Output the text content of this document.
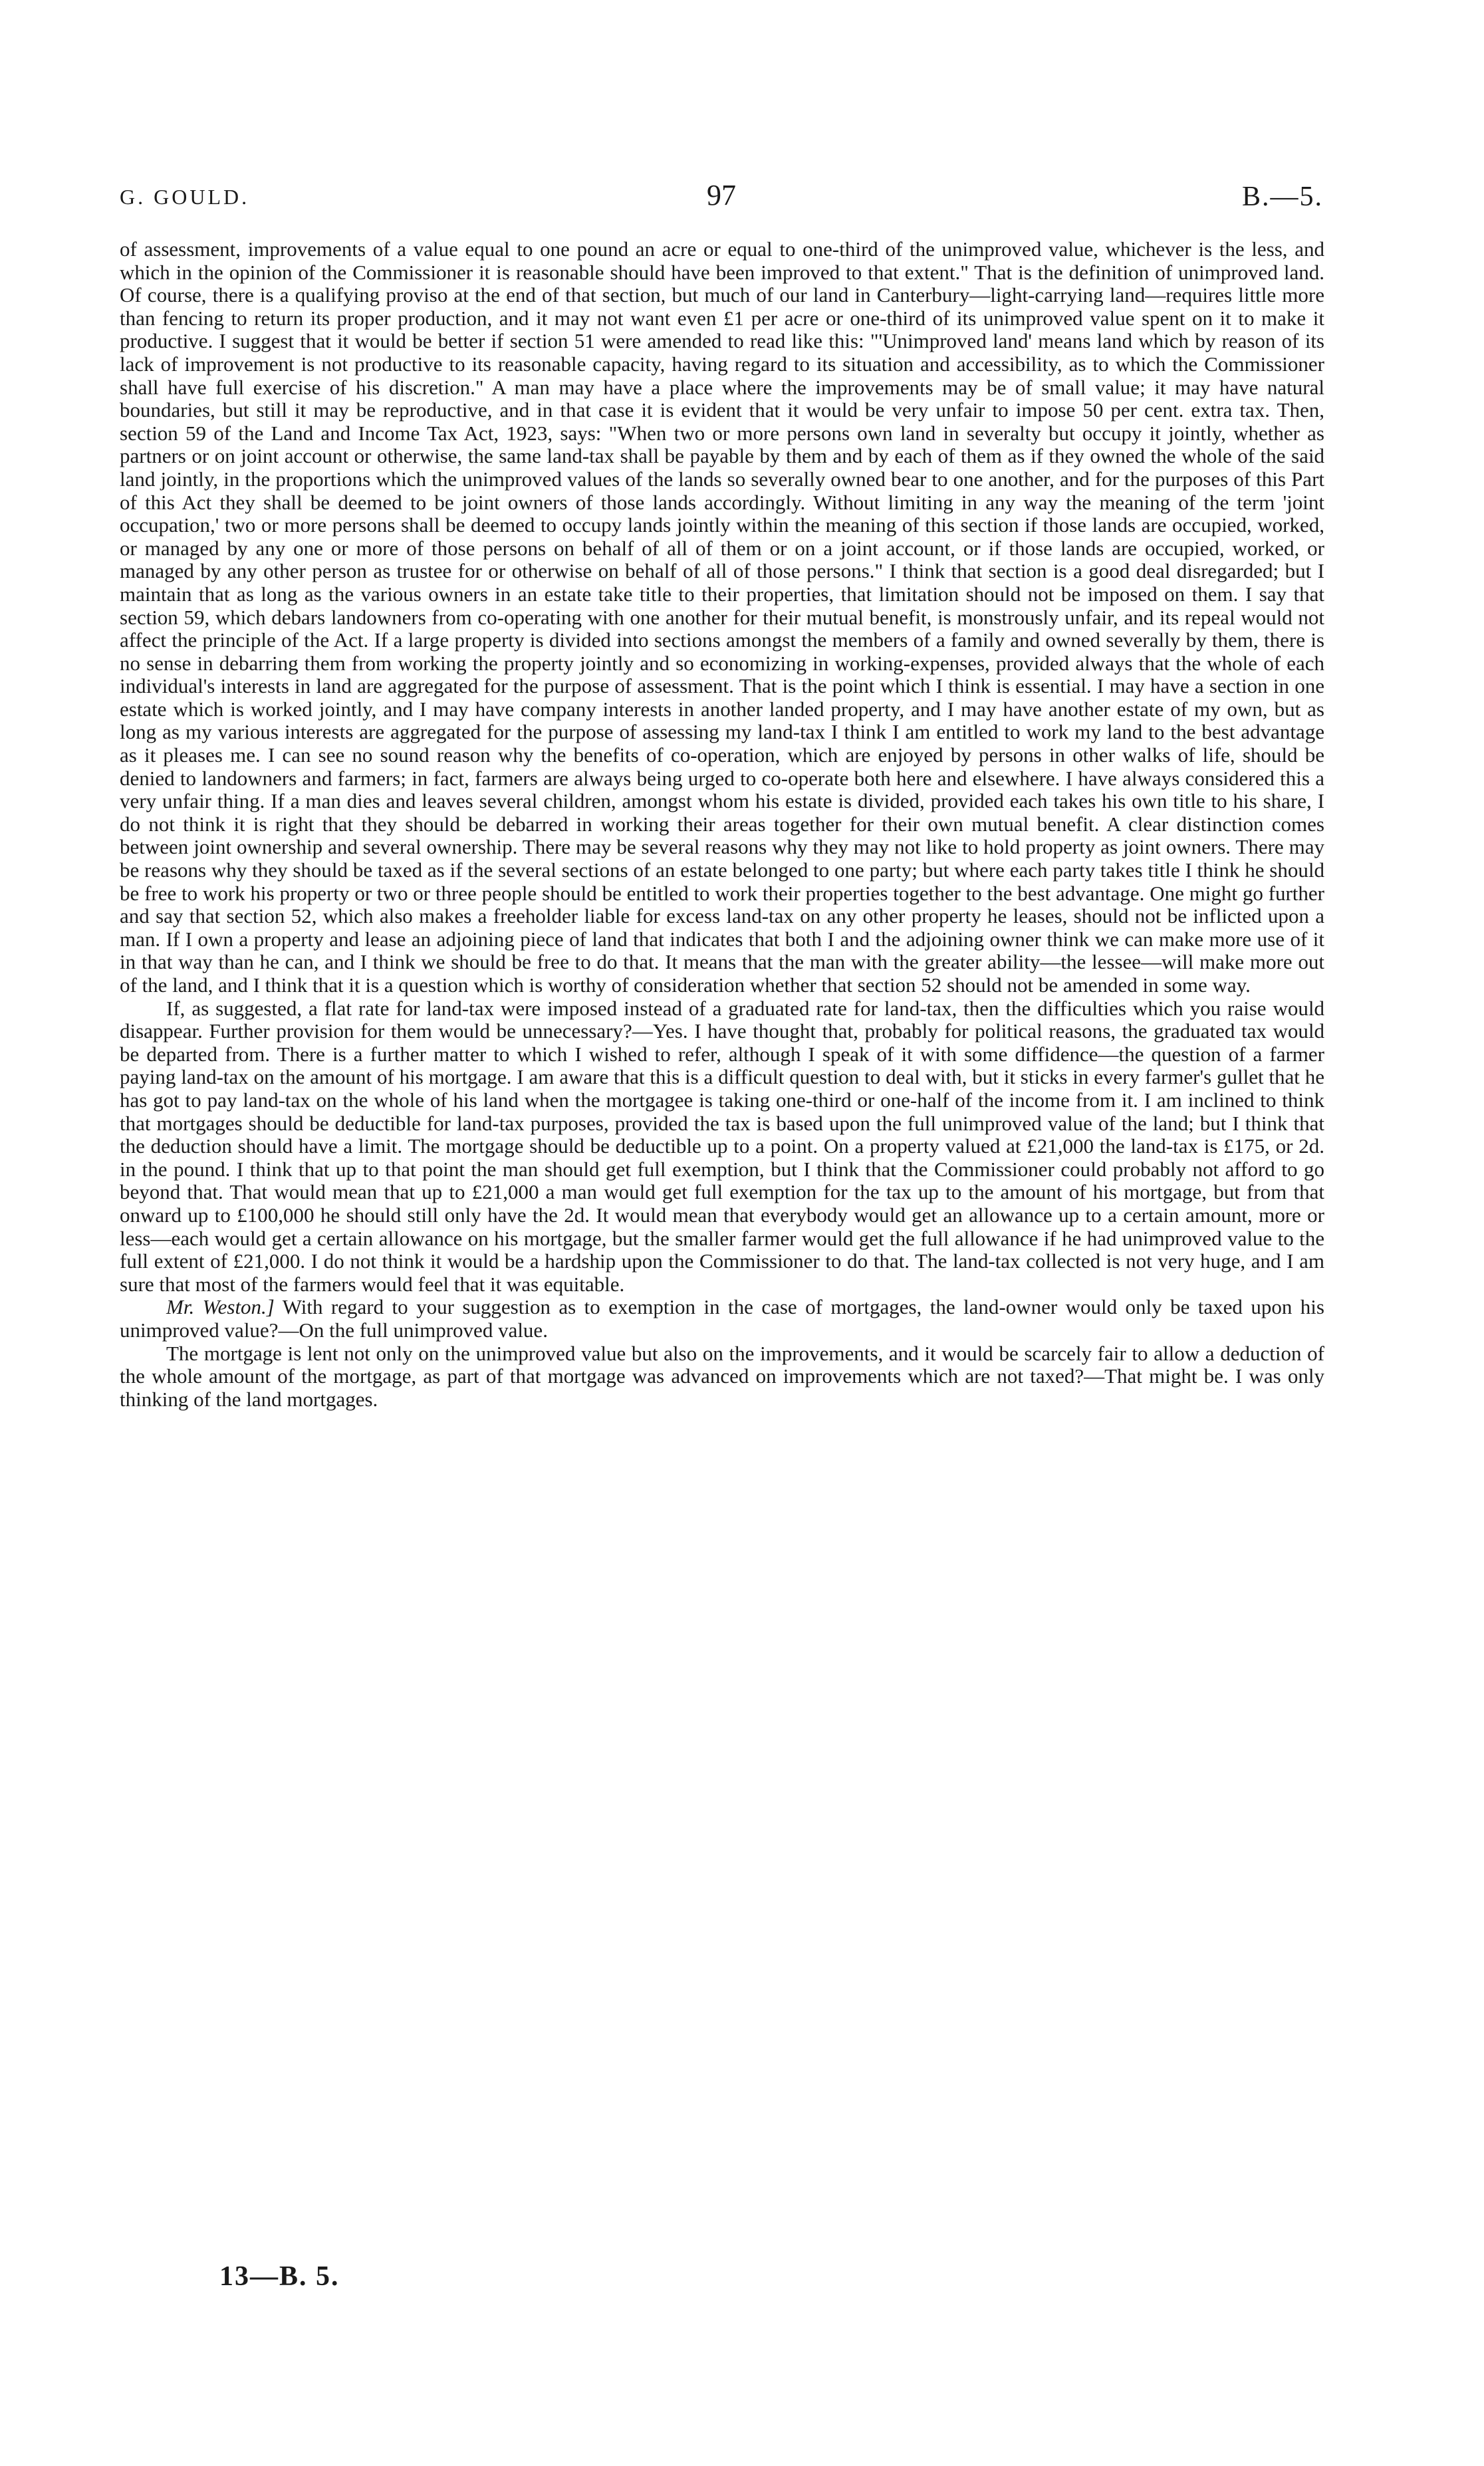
G. GOULD.	97	B.—5.

of assessment, improvements of a value equal to one pound an acre or equal to one-third of the unimproved value, whichever is the less, and which in the opinion of the Commissioner it is reasonable should have been improved to that extent." That is the definition of unimproved land. Of course, there is a qualifying proviso at the end of that section, but much of our land in Canterbury—light-carrying land—requires little more than fencing to return its proper production, and it may not want even £1 per acre or one-third of its unimproved value spent on it to make it productive. I suggest that it would be better if section 51 were amended to read like this: "'Unimproved land' means land which by reason of its lack of improvement is not productive to its reasonable capacity, having regard to its situation and accessibility, as to which the Commissioner shall have full exercise of his discretion." A man may have a place where the improvements may be of small value; it may have natural boundaries, but still it may be reproductive, and in that case it is evident that it would be very unfair to impose 50 per cent. extra tax. Then, section 59 of the Land and Income Tax Act, 1923, says: "When two or more persons own land in severalty but occupy it jointly, whether as partners or on joint account or otherwise, the same land-tax shall be payable by them and by each of them as if they owned the whole of the said land jointly, in the proportions which the unimproved values of the lands so severally owned bear to one another, and for the purposes of this Part of this Act they shall be deemed to be joint owners of those lands accordingly. Without limiting in any way the meaning of the term 'joint occupation,' two or more persons shall be deemed to occupy lands jointly within the meaning of this section if those lands are occupied, worked, or managed by any one or more of those persons on behalf of all of them or on a joint account, or if those lands are occupied, worked, or managed by any other person as trustee for or otherwise on behalf of all of those persons." I think that section is a good deal disregarded; but I maintain that as long as the various owners in an estate take title to their properties, that limitation should not be imposed on them. I say that section 59, which debars landowners from co-operating with one another for their mutual benefit, is monstrously unfair, and its repeal would not affect the principle of the Act. If a large property is divided into sections amongst the members of a family and owned severally by them, there is no sense in debarring them from working the property jointly and so economizing in working-expenses, provided always that the whole of each individual's interests in land are aggregated for the purpose of assessment. That is the point which I think is essential. I may have a section in one estate which is worked jointly, and I may have company interests in another landed property, and I may have another estate of my own, but as long as my various interests are aggregated for the purpose of assessing my land-tax I think I am entitled to work my land to the best advantage as it pleases me. I can see no sound reason why the benefits of co-operation, which are enjoyed by persons in other walks of life, should be denied to landowners and farmers; in fact, farmers are always being urged to co-operate both here and elsewhere. I have always considered this a very unfair thing. If a man dies and leaves several children, amongst whom his estate is divided, provided each takes his own title to his share, I do not think it is right that they should be debarred in working their areas together for their own mutual benefit. A clear distinction comes between joint ownership and several ownership. There may be several reasons why they may not like to hold property as joint owners. There may be reasons why they should be taxed as if the several sections of an estate belonged to one party; but where each party takes title I think he should be free to work his property or two or three people should be entitled to work their properties together to the best advantage. One might go further and say that section 52, which also makes a freeholder liable for excess land-tax on any other property he leases, should not be inflicted upon a man. If I own a property and lease an adjoining piece of land that indicates that both I and the adjoining owner think we can make more use of it in that way than he can, and I think we should be free to do that. It means that the man with the greater ability—the lessee—will make more out of the land, and I think that it is a question which is worthy of consideration whether that section 52 should not be amended in some way.

If, as suggested, a flat rate for land-tax were imposed instead of a graduated rate for land-tax, then the difficulties which you raise would disappear. Further provision for them would be unnecessary?—Yes. I have thought that, probably for political reasons, the graduated tax would be departed from. There is a further matter to which I wished to refer, although I speak of it with some diffidence—the question of a farmer paying land-tax on the amount of his mortgage. I am aware that this is a difficult question to deal with, but it sticks in every farmer's gullet that he has got to pay land-tax on the whole of his land when the mortgagee is taking one-third or one-half of the income from it. I am inclined to think that mortgages should be deductible for land-tax purposes, provided the tax is based upon the full unimproved value of the land; but I think that the deduction should have a limit. The mortgage should be deductible up to a point. On a property valued at £21,000 the land-tax is £175, or 2d. in the pound. I think that up to that point the man should get full exemption, but I think that the Commissioner could probably not afford to go beyond that. That would mean that up to £21,000 a man would get full exemption for the tax up to the amount of his mortgage, but from that onward up to £100,000 he should still only have the 2d. It would mean that everybody would get an allowance up to a certain amount, more or less—each would get a certain allowance on his mortgage, but the smaller farmer would get the full allowance if he had unimproved value to the full extent of £21,000. I do not think it would be a hardship upon the Commissioner to do that. The land-tax collected is not very huge, and I am sure that most of the farmers would feel that it was equitable.

Mr. Weston.] With regard to your suggestion as to exemption in the case of mortgages, the land-owner would only be taxed upon his unimproved value?—On the full unimproved value.

The mortgage is lent not only on the unimproved value but also on the improvements, and it would be scarcely fair to allow a deduction of the whole amount of the mortgage, as part of that mortgage was advanced on improvements which are not taxed?—That might be. I was only thinking of the land mortgages.

13—B. 5.
